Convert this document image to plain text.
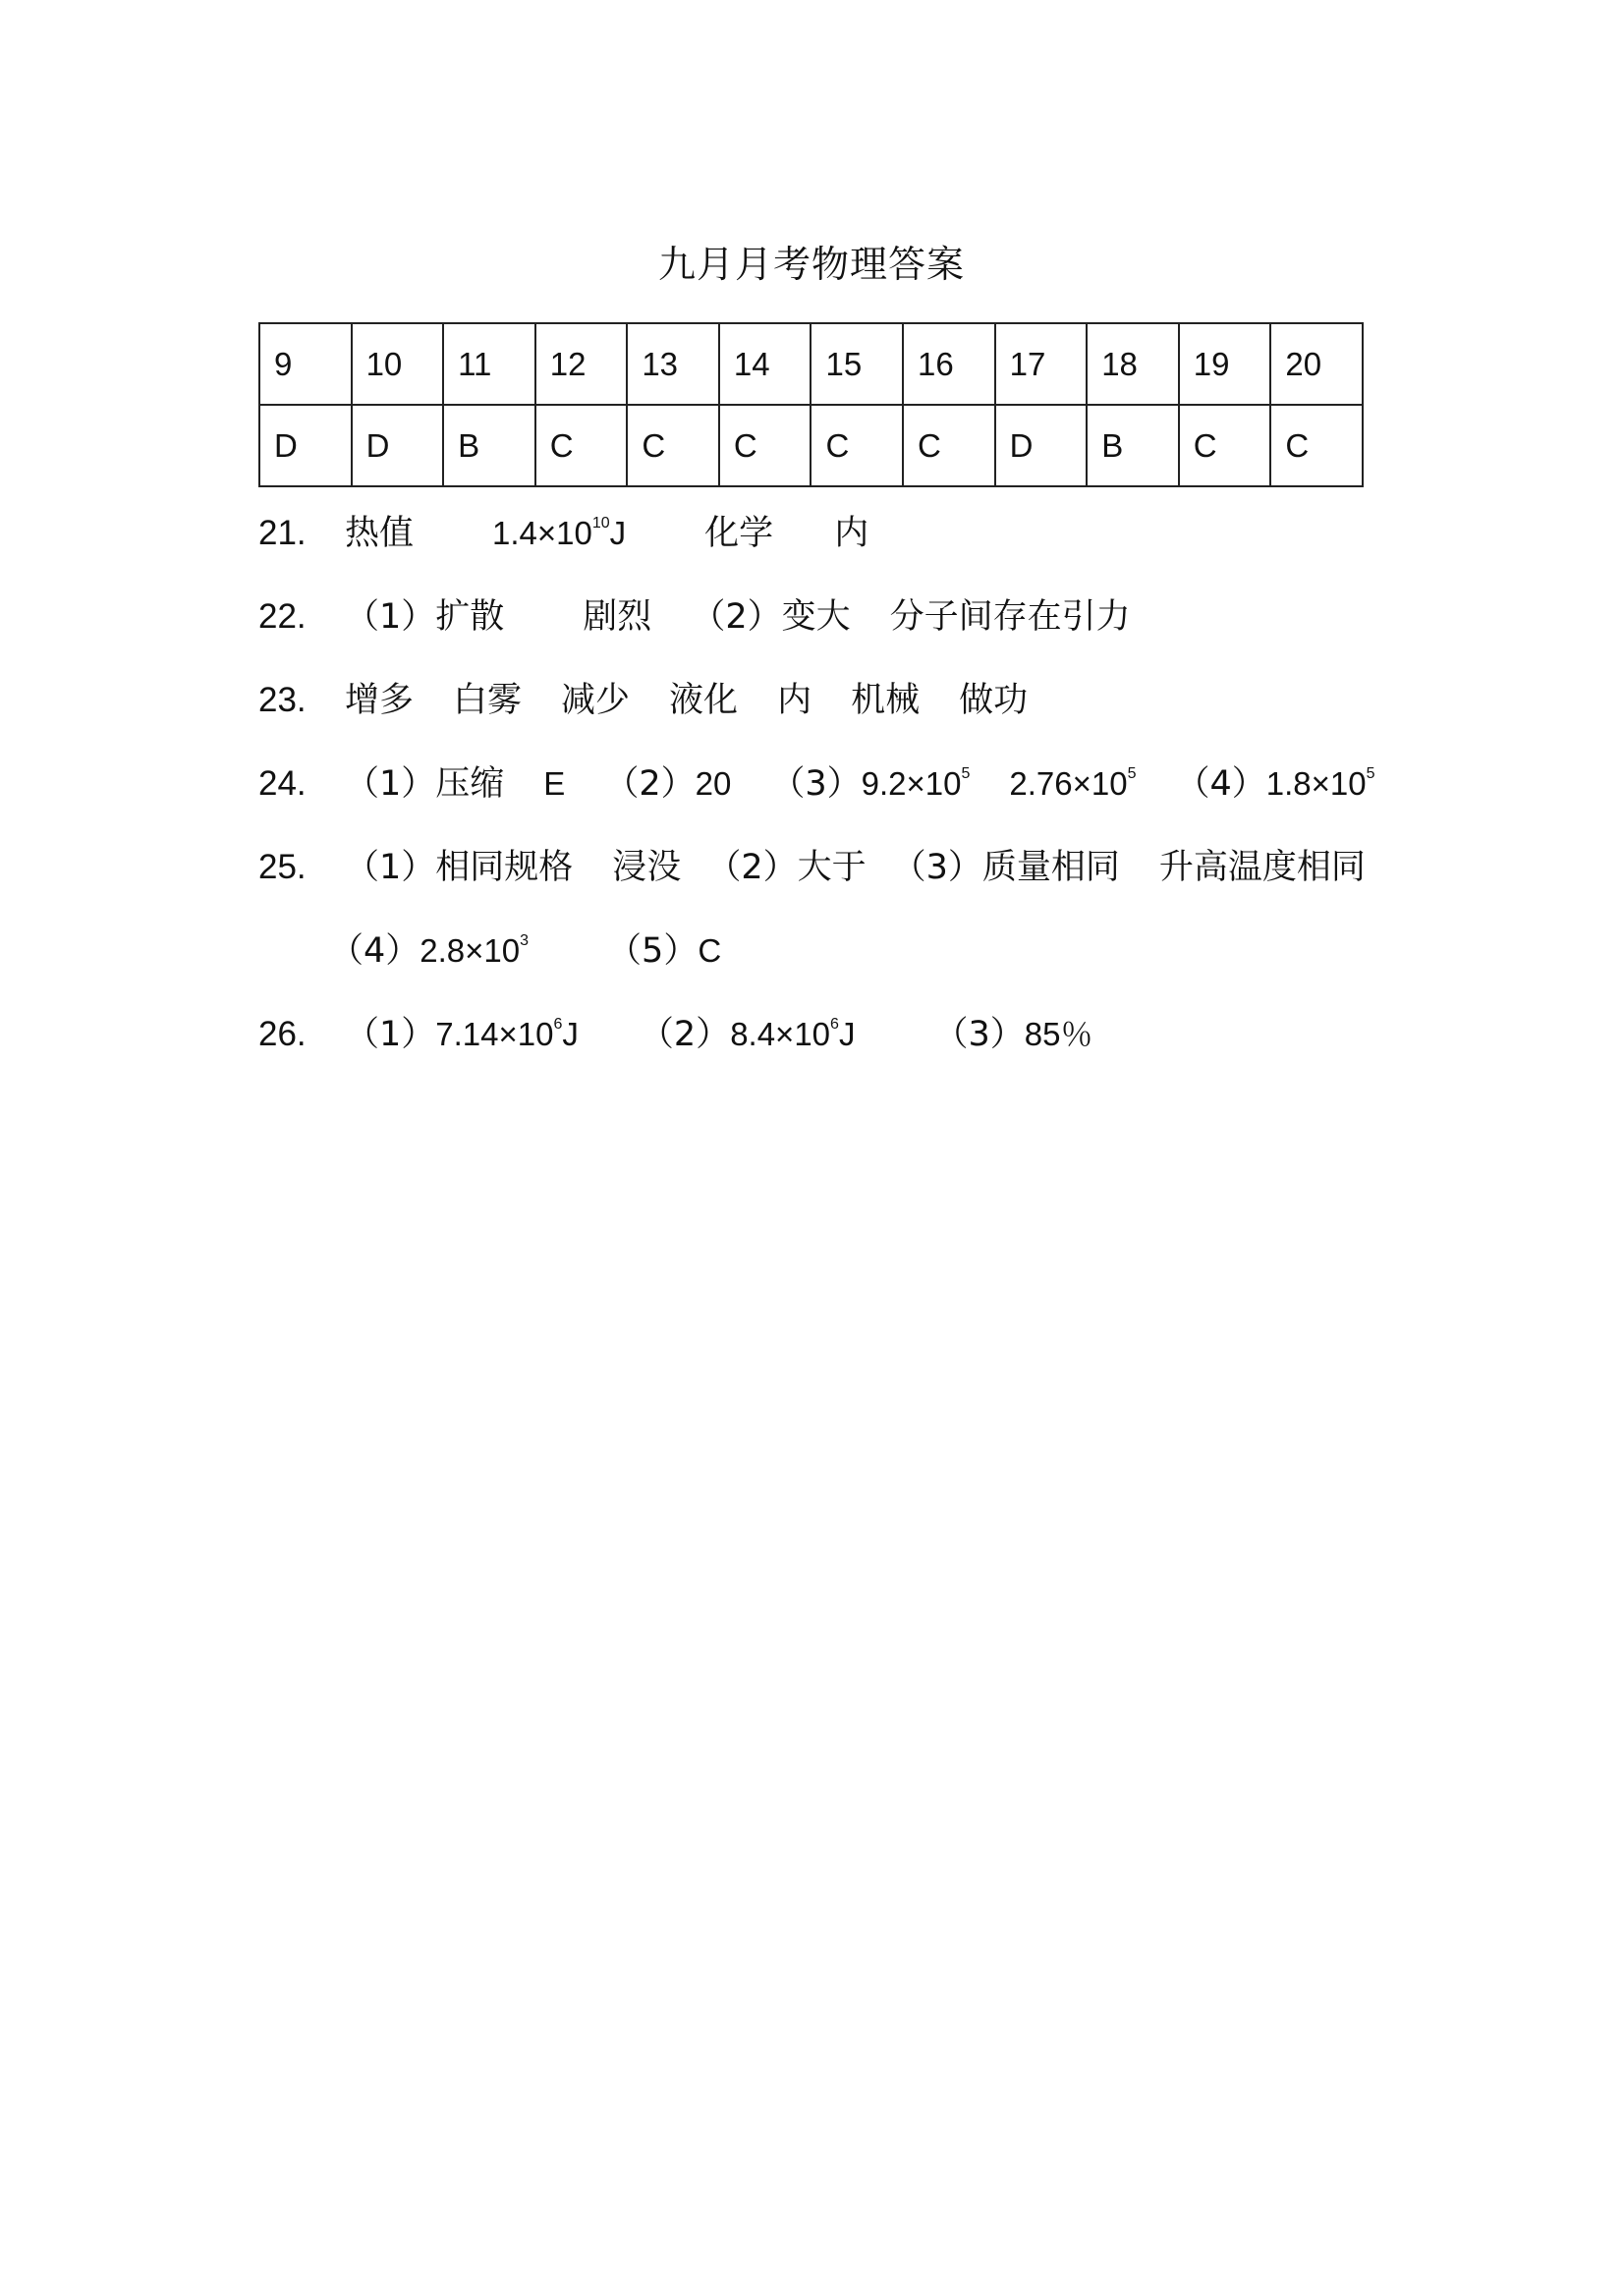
九月月考物理答案
9	10	11	12	13	14	15	16	17	18	19	20
D	D	B	C	C	C	C	C	D	B	C	C
21. 热值 $1.4\times 10^{10}J$ 化学 内
22. （1）扩散 剧烈 （2）变大 分子间存在引力
23. 增多 白雾 减少 液化 内 机械 做功
24. （1）压缩 E （2）20 $(3)9.2\times 10^5$ $2.76\times 10^5$ $(4)1.8\times 10^5$
25. （1）相同规格 浸没 （2）大于 （3）质量相同 升高温度相同
$(4)2.8\times 10^3$ （5）C
26. $(1)7.14\times 10^6J$ $(2)8.4\times 10^6J$ （3）85％
